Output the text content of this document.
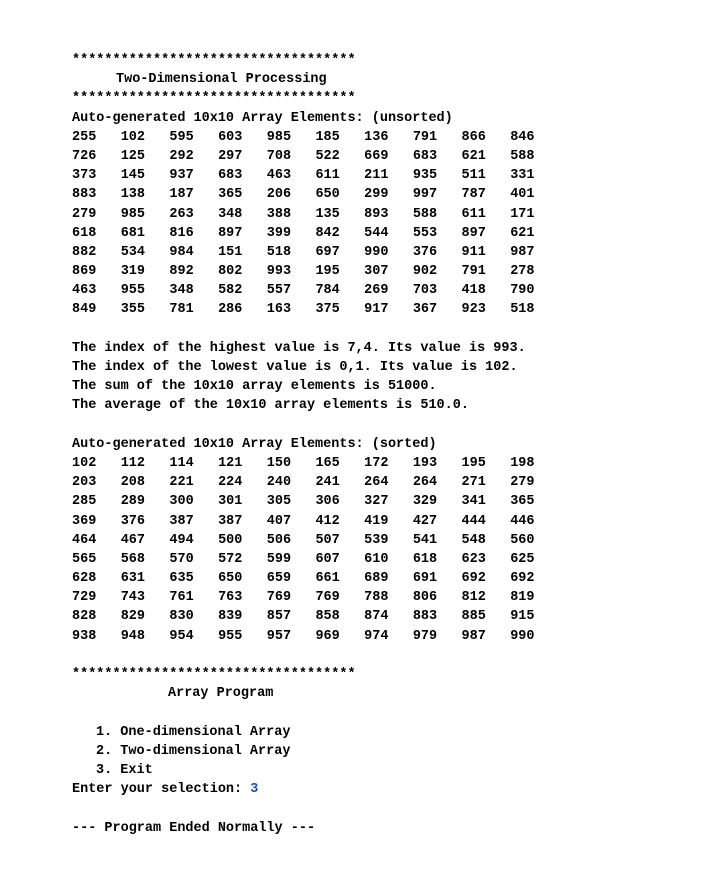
***********************************
Two-Dimensional Processing
***********************************
Auto-generated 10x10 Array Elements: (unsorted)
255	102	595	603	985	185	136	791	866	846
726	125	292	297	708	522	669	683	621	588
373	145	937	683	463	611	211	935	511	331
883	138	187	365	206	650	299	997	787	401
279	985	263	348	388	135	893	588	611	171
618	681	816	897	399	842	544	553	897	621
882	534	984	151	518	697	990	376	911	987
869	319	892	802	993	195	307	902	791	278
463	955	348	582	557	784	269	703	418	790
849	355	781	286	163	375	917	367	923	518
The index of the highest value is 7,4. Its value is 993.
The index of the lowest value is 0,1. Its value is 102.
The sum of the 10x10 array elements is 51000.
The average of the 10x10 array elements is 510.0.
Auto-generated 10x10 Array Elements: (sorted)
102	112	114	121	150	165	172	193	195	198
203	208	221	224	240	241	264	264	271	279
285	289	300	301	305	306	327	329	341	365
369	376	387	387	407	412	419	427	444	446
464	467	494	500	506	507	539	541	548	560
565	568	570	572	599	607	610	618	623	625
628	631	635	650	659	661	689	691	692	692
729	743	761	763	769	769	788	806	812	819
828	829	830	839	857	858	874	883	885	915
938	948	954	955	957	969	974	979	987	990
***********************************
Array Program
1. One-dimensional Array
2. Two-dimensional Array
3. Exit
Enter your selection: 3
--- Program Ended Normally ---
